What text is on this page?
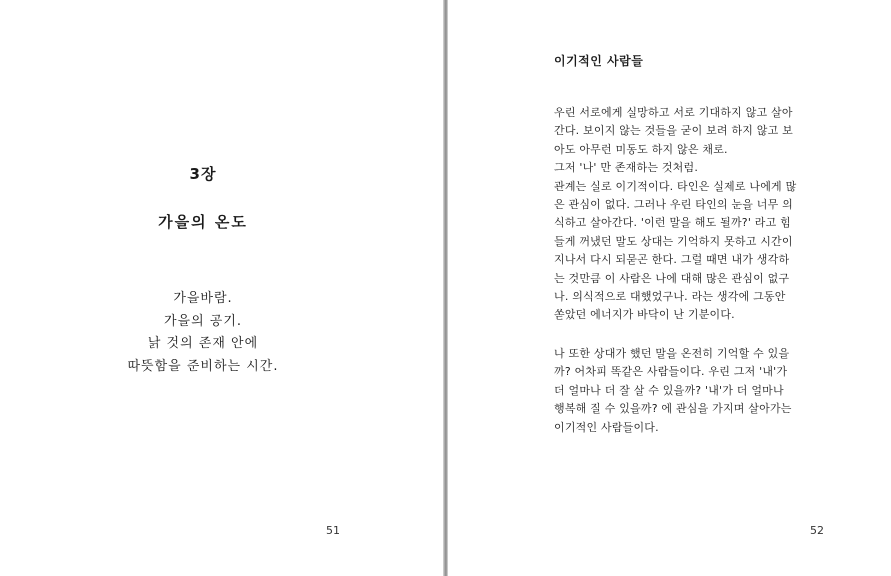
3장
가을의 온도
가을바람.
가을의 공기.
낡 것의 존재 안에
따뜻함을 준비하는 시간.
51
이기적인 사람들
우린 서로에게 실망하고 서로 기대하지 않고 살아
간다. 보이지 않는 것들을 굳이 보려 하지 않고 보
아도 아무런 미동도 하지 않은 채로.
그저 '나' 만 존재하는 것처럼.
관계는 실로 이기적이다. 타인은 실제로 나에게 많
은 관심이 없다. 그러나 우린 타인의 눈을 너무 의
식하고 살아간다. '이런 말을 해도 될까?' 라고 힘
들게 꺼냈던 말도 상대는 기억하지 못하고 시간이
지나서 다시 되묻곤 한다. 그럴 때면 내가 생각하
는 것만큼 이 사람은 나에 대해 많은 관심이 없구
나. 의식적으로 대했었구나. 라는 생각에 그동안
쏟았던 에너지가 바닥이 난 기분이다.
나 또한 상대가 했던 말을 온전히 기억할 수 있을
까? 어차피 똑같은 사람들이다. 우린 그저 '내'가
더 얼마나 더 잘 살 수 있을까? '내'가 더 얼마나
행복해 질 수 있을까? 에 관심을 가지며 살아가는
이기적인 사람들이다.
52
